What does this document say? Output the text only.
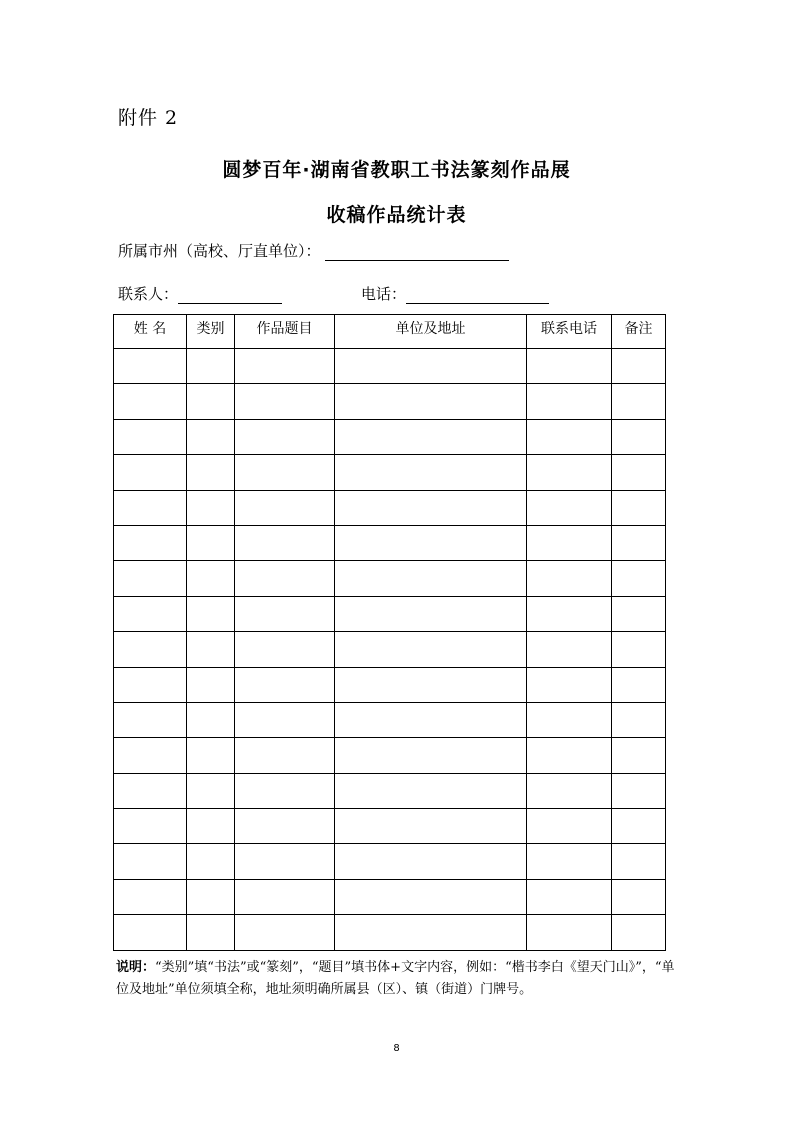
附件 2
圆梦百年·湖南省教职工书法篆刻作品展
收稿作品统计表
所属市州（高校、厅直单位）：
联系人：	电话：
姓 名	类别	作品题目	单位及地址	联系电话	备注

说明：“类别”填“书法”或“篆刻”，“题目”填书体+文字内容，例如：“楷书李白《望天门山》”，“单位及地址”单位须填全称，地址须明确所属县（区）、镇（街道）门牌号。
8
